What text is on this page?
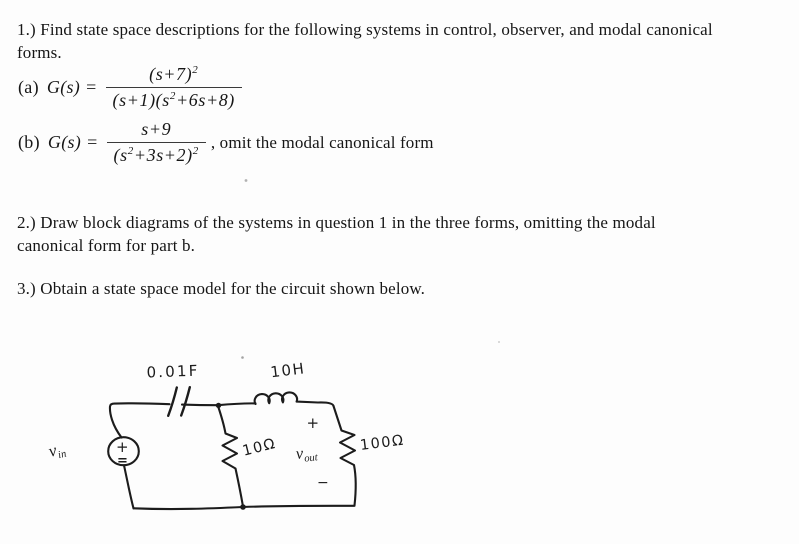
1.) Find state space descriptions for the following systems in control, observer, and modal canonical
forms.
(a) $G(s) = \frac{(s+7)^2}{(s+1)(s^2+6s+8)}$
(b) $G(s) = \frac{s+9}{(s^2+3s+2)^2}$ , omit the modal canonical form
2.) Draw block diagrams of the systems in question 1 in the three forms, omitting the modal
canonical form for part b.
3.) Obtain a state space model for the circuit shown below.
+
=
0.01F	10H
10Ω	100Ω
+
$v_{out}$
−
$v_{in}$
